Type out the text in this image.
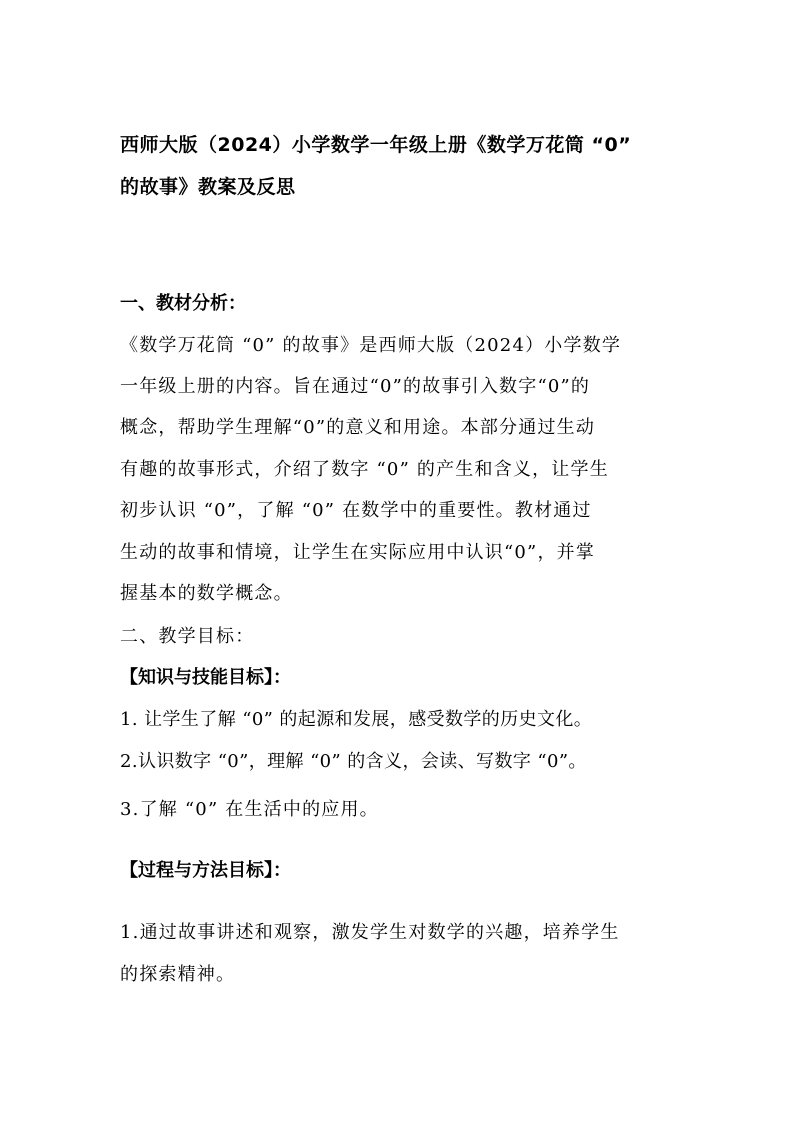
西师大版（2024）小学数学一年级上册《数学万花筒 “0”
的故事》教案及反思
一、教材分析：
《数学万花筒 “0” 的故事》是西师大版（2024）小学数学
一年级上册的内容。旨在通过“0”的故事引入数字“0”的
概念，帮助学生理解“0”的意义和用途。本部分通过生动
有趣的故事形式，介绍了数字 “0” 的产生和含义，让学生
初步认识 “0”，了解 “0” 在数学中的重要性。教材通过
生动的故事和情境，让学生在实际应用中认识“0”，并掌
握基本的数学概念。
二、教学目标：
【知识与技能目标】：
1. 让学生了解 “0” 的起源和发展，感受数学的历史文化。
2.认识数字 “0”，理解 “0” 的含义，会读、写数字 “0”。
3.了解 “0” 在生活中的应用。
【过程与方法目标】：
1.通过故事讲述和观察，激发学生对数学的兴趣，培养学生
的探索精神。
